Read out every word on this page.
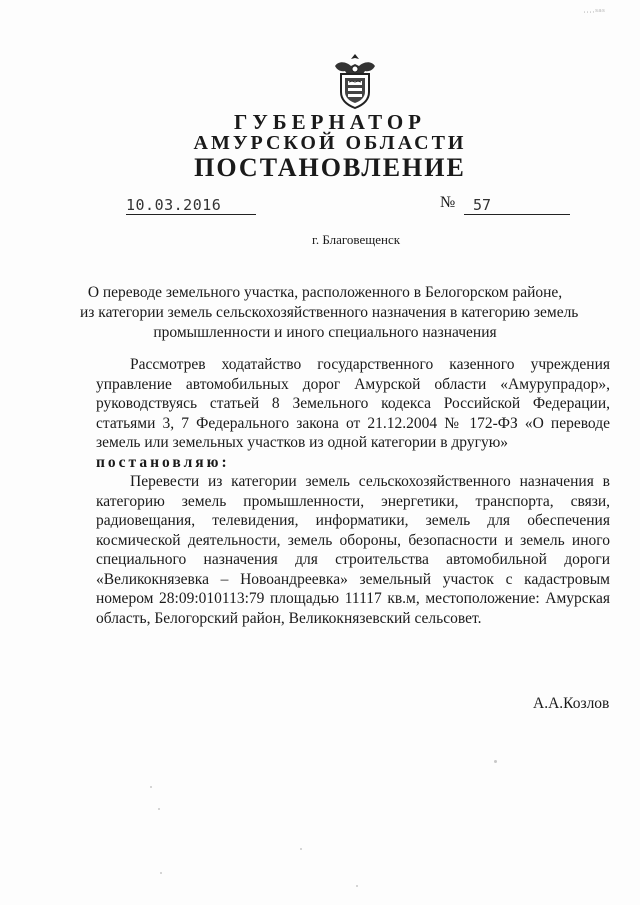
⋯·ˢᵃˢ
ГУБЕРНАТОР
АМУРСКОЙ ОБЛАСТИ
ПОСТАНОВЛЕНИЕ
10.03.2016	№	57
г. Благовещенск
О переводе земельного участка, расположенного в Белогорском районе,
из категории земель сельскохозяйственного назначения в категорию земель
промышленности и иного специального назначения

Рассмотрев ходатайство государственного казенного учреждения управление автомобильных дорог Амурской области «Амурупрадор», руководствуясь статьей 8 Земельного кодекса Российской Федерации, статьями 3, 7 Федерального закона от 21.12.2004 № 172-ФЗ «О переводе земель или земельных участков из одной категории в другую»

постановляю:

Перевести из категории земель сельскохозяйственного назначения в категорию земель промышленности, энергетики, транспорта, связи, радиовещания, телевидения, информатики, земель для обеспечения космической деятельности, земель обороны, безопасности и земель иного специального назначения для строительства автомобильной дороги «Великокнязевка – Новоандреевка» земельный участок с кадастровым номером 28:09:010113:79 площадью 11117 кв.м, местоположение: Амурская область, Белогорский район, Великокнязевский сельсовет.

А.А.Козлов
